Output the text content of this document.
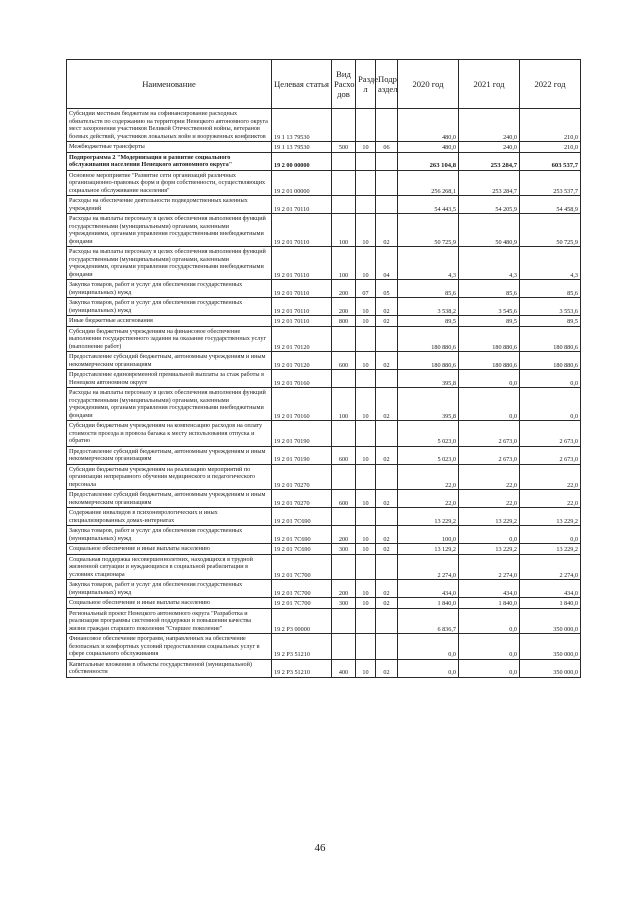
Наименование	Целевая статья	Вид Расхо дов	Разде л	Подр аздел	2020 год	2021 год	2022 год
Субсидии местным бюджетам на софинансирование расходных обязательств по содержанию на территории Ненецкого автономного округа мест захоронения участников Великой Отечественной войны, ветеранов боевых действий, участников локальных войн и вооруженных конфликтов	19 1 13 79530				480,0	240,0	210,0
Межбюджетные трансферты	19 1 13 79530	500	10	06	480,0	240,0	210,0
Подпрограмма 2 "Модернизация и развитие социального обслуживания населения Ненецкого автономного округа"	19 2 00 00000				263 104,8	253 284,7	603 537,7
Основное мероприятие "Развитие сети организаций различных организационно-правовых форм и форм собственности, осуществляющих социальное обслуживание населения"	19 2 01 00000				256 268,1	253 284,7	253 537,7
Расходы на обеспечение деятельности подведомственных казенных учреждений	19 2 01 70110				54 443,5	54 205,9	54 458,9
Расходы на выплаты персоналу в целях обеспечения выполнения функций государственными (муниципальными) органами, казенными учреждениями, органами управления государственными внебюджетными фондами	19 2 01 70110	100	10	02	50 725,9	50 480,9	50 725,9
Расходы на выплаты персоналу в целях обеспечения выполнения функций государственными (муниципальными) органами, казенными учреждениями, органами управления государственными внебюджетными фондами	19 2 01 70110	100	10	04	4,3	4,3	4,3
Закупка товаров, работ и услуг для обеспечения государственных (муниципальных) нужд	19 2 01 70110	200	07	05	85,6	85,6	85,6
Закупка товаров, работ и услуг для обеспечения государственных (муниципальных) нужд	19 2 01 70110	200	10	02	3 538,2	3 545,6	3 553,6
Иные бюджетные ассигнования	19 2 01 70110	800	10	02	89,5	89,5	89,5
Субсидии бюджетным учреждениям на финансовое обеспечение выполнения государственного задания на оказание государственных услуг (выполнение работ)	19 2 01 70120				180 880,6	180 880,6	180 880,6
Предоставление субсидий бюджетным, автономным учреждениям и иным некоммерческим организациям	19 2 01 70120	600	10	02	180 880,6	180 880,6	180 880,6
Предоставление единовременной премиальной выплаты за стаж работы в Ненецком автономном округе	19 2 01 70160				395,8	0,0	0,0
Расходы на выплаты персоналу в целях обеспечения выполнения функций государственными (муниципальными) органами, казенными учреждениями, органами управления государственными внебюджетными фондами	19 2 01 70160	100	10	02	395,8	0,0	0,0
Субсидии бюджетным учреждениям на компенсацию расходов на оплату стоимости проезда и провоза багажа к месту использования отпуска и обратно	19 2 01 70190				5 023,0	2 673,0	2 673,0
Предоставление субсидий бюджетным, автономным учреждениям и иным некоммерческим организациям	19 2 01 70190	600	10	02	5 023,0	2 673,0	2 673,0
Субсидии бюджетным учреждениям на реализацию мероприятий по организации непрерывного обучения медицинского и педагогического персонала	19 2 01 70270				22,0	22,0	22,0
Предоставление субсидий бюджетным, автономным учреждениям и иным некоммерческим организациям	19 2 01 70270	600	10	02	22,0	22,0	22,0
Содержание инвалидов в психоневрологических и иных специализированных домах-интернатах	19 2 01 7С690				13 229,2	13 229,2	13 229,2
Закупка товаров, работ и услуг для обеспечения государственных (муниципальных) нужд	19 2 01 7С690	200	10	02	100,0	0,0	0,0
Социальное обеспечение и иные выплаты населению	19 2 01 7С690	300	10	02	13 129,2	13 229,2	13 229,2
Социальная поддержка несовершеннолетних, находящихся в трудной жизненной ситуации и нуждающихся в социальной реабилитации в условиях стационара	19 2 01 7С700				2 274,0	2 274,0	2 274,0
Закупка товаров, работ и услуг для обеспечения государственных (муниципальных) нужд	19 2 01 7С700	200	10	02	434,0	434,0	434,0
Социальное обеспечение и иные выплаты населению	19 2 01 7С700	300	10	02	1 840,0	1 840,0	1 840,0
Региональный проект Ненецкого автономного округа "Разработка и реализация программы системной поддержки и повышения качества жизни граждан старшего поколения "Старшее поколение"	19 2 Р3 00000				6 836,7	0,0	350 000,0
Финансовое обеспечение программ, направленных на обеспечение безопасных и комфортных условий предоставления социальных услуг в сфере социального обслуживания	19 2 Р3 51210				0,0	0,0	350 000,0
Капитальные вложения в объекты государственной (муниципальной) собственности	19 2 Р3 51210	400	10	02	0,0	0,0	350 000,0
46
